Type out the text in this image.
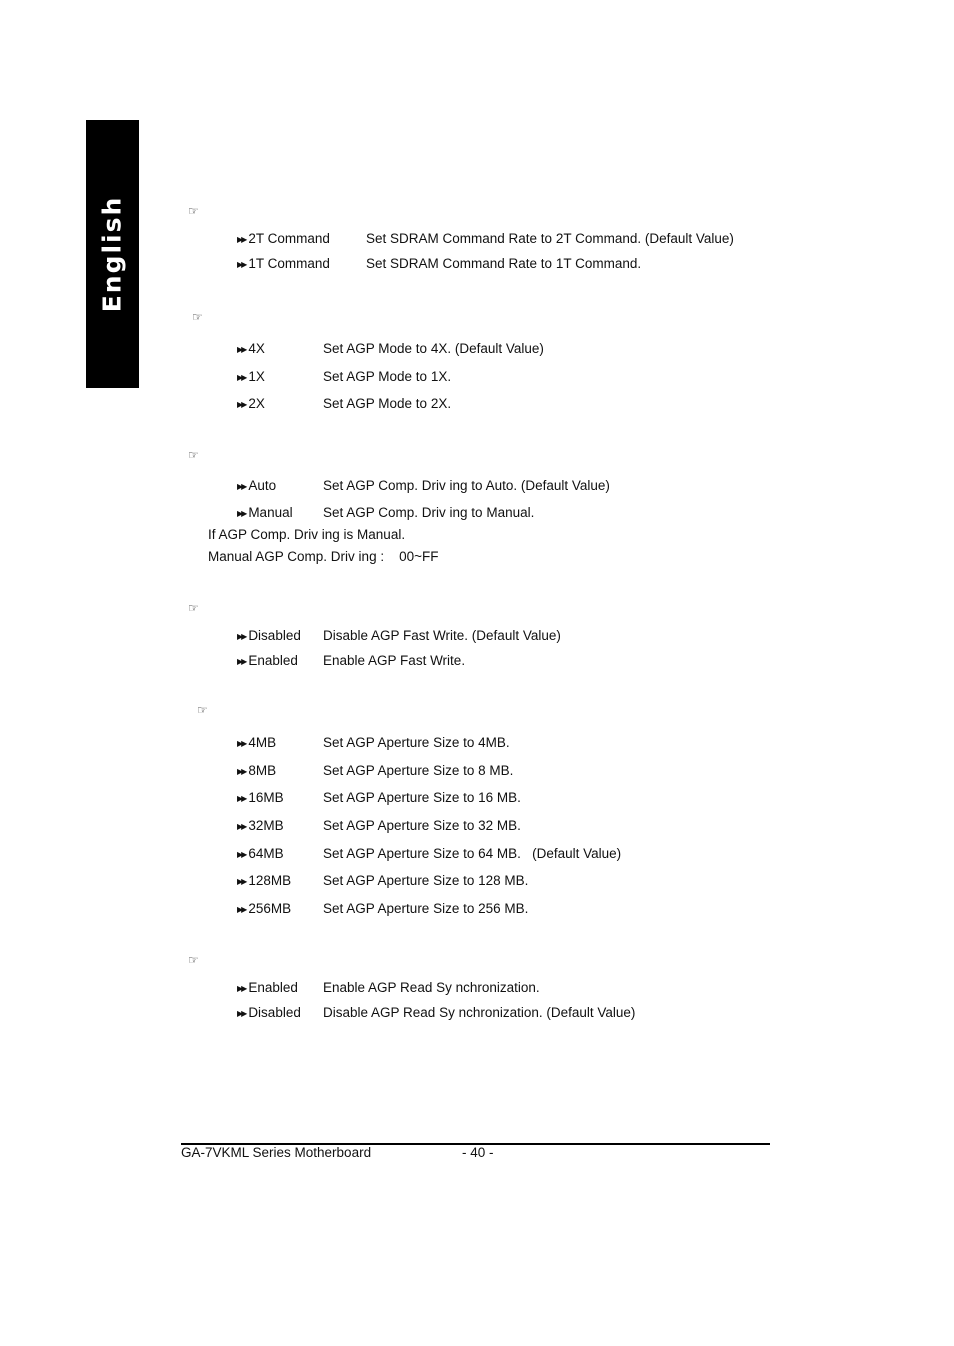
English	☞
▶▶ 2T Command	Set SDRAM Command Rate to 2T Command. (Default Value)
▶▶ 1T Command	Set SDRAM Command Rate to 1T Command.
☞
▶▶ 4X	Set AGP Mode to 4X. (Default Value)
▶▶ 1X	Set AGP Mode to 1X.
▶▶ 2X	Set AGP Mode to 2X.
☞
▶▶ Auto	Set AGP Comp. Driv ing to Auto. (Default Value)
▶▶ Manual Set AGP Comp. Driv ing to Manual.
If AGP Comp. Driv ing is Manual.
Manual AGP Comp. Driv ing :    00~FF
☞
▶▶ Disabled Disable AGP Fast Write. (Default Value)
▶▶ Enabled Enable AGP Fast Write.
☞
▶▶ 4MB	Set AGP Aperture Size to 4MB.
▶▶ 8MB	Set AGP Aperture Size to 8 MB.
▶▶ 16MB	Set AGP Aperture Size to 16 MB.
▶▶ 32MB	Set AGP Aperture Size to 32 MB.
▶▶ 64MB	Set AGP Aperture Size to 64 MB.   (Default Value)
▶▶ 128MB Set AGP Aperture Size to 128 MB.
▶▶ 256MB Set AGP Aperture Size to 256 MB.
☞
▶▶ Enabled Enable AGP Read Sy nchronization.
▶▶ Disabled Disable AGP Read Sy nchronization. (Default Value)
GA-7VKML Series Motherboard	- 40 -
